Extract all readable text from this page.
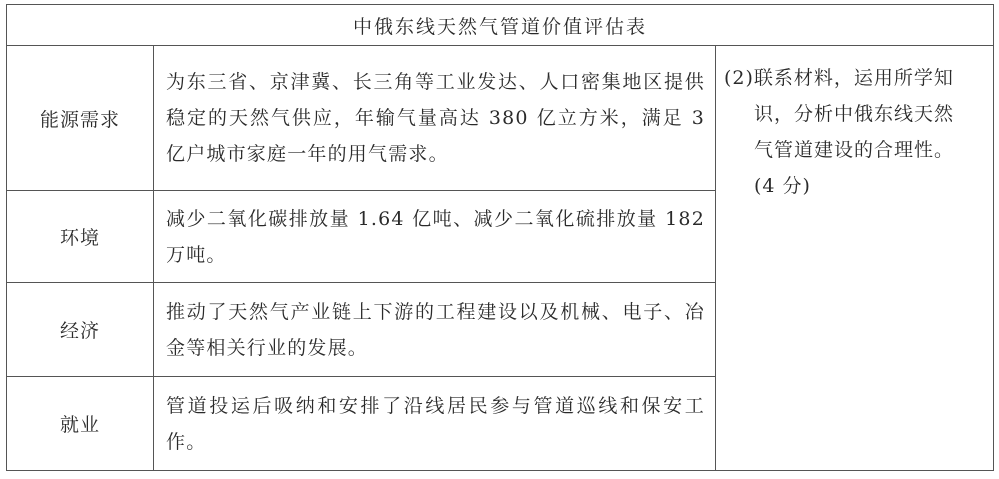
中俄东线天然气管道价值评估表		
能源需求	为东三省、京津冀、长三角等工业发达、人口密集地区提供稳定的天然气供应，年输气量高达 380 亿立方米，满足 3 亿户城市家庭一年的用气需求。	(2)联系材料，运用所学知
识，分析中俄东线天然
气管道建设的合理性。
(4 分)

环境	减少二氧化碳排放量 1.64 亿吨、减少二氧化硫排放量 182 万吨。	
经济	推动了天然气产业链上下游的工程建设以及机械、电子、冶金等相关行业的发展。	
就业	管道投运后吸纳和安排了沿线居民参与管道巡线和保安工作。	
